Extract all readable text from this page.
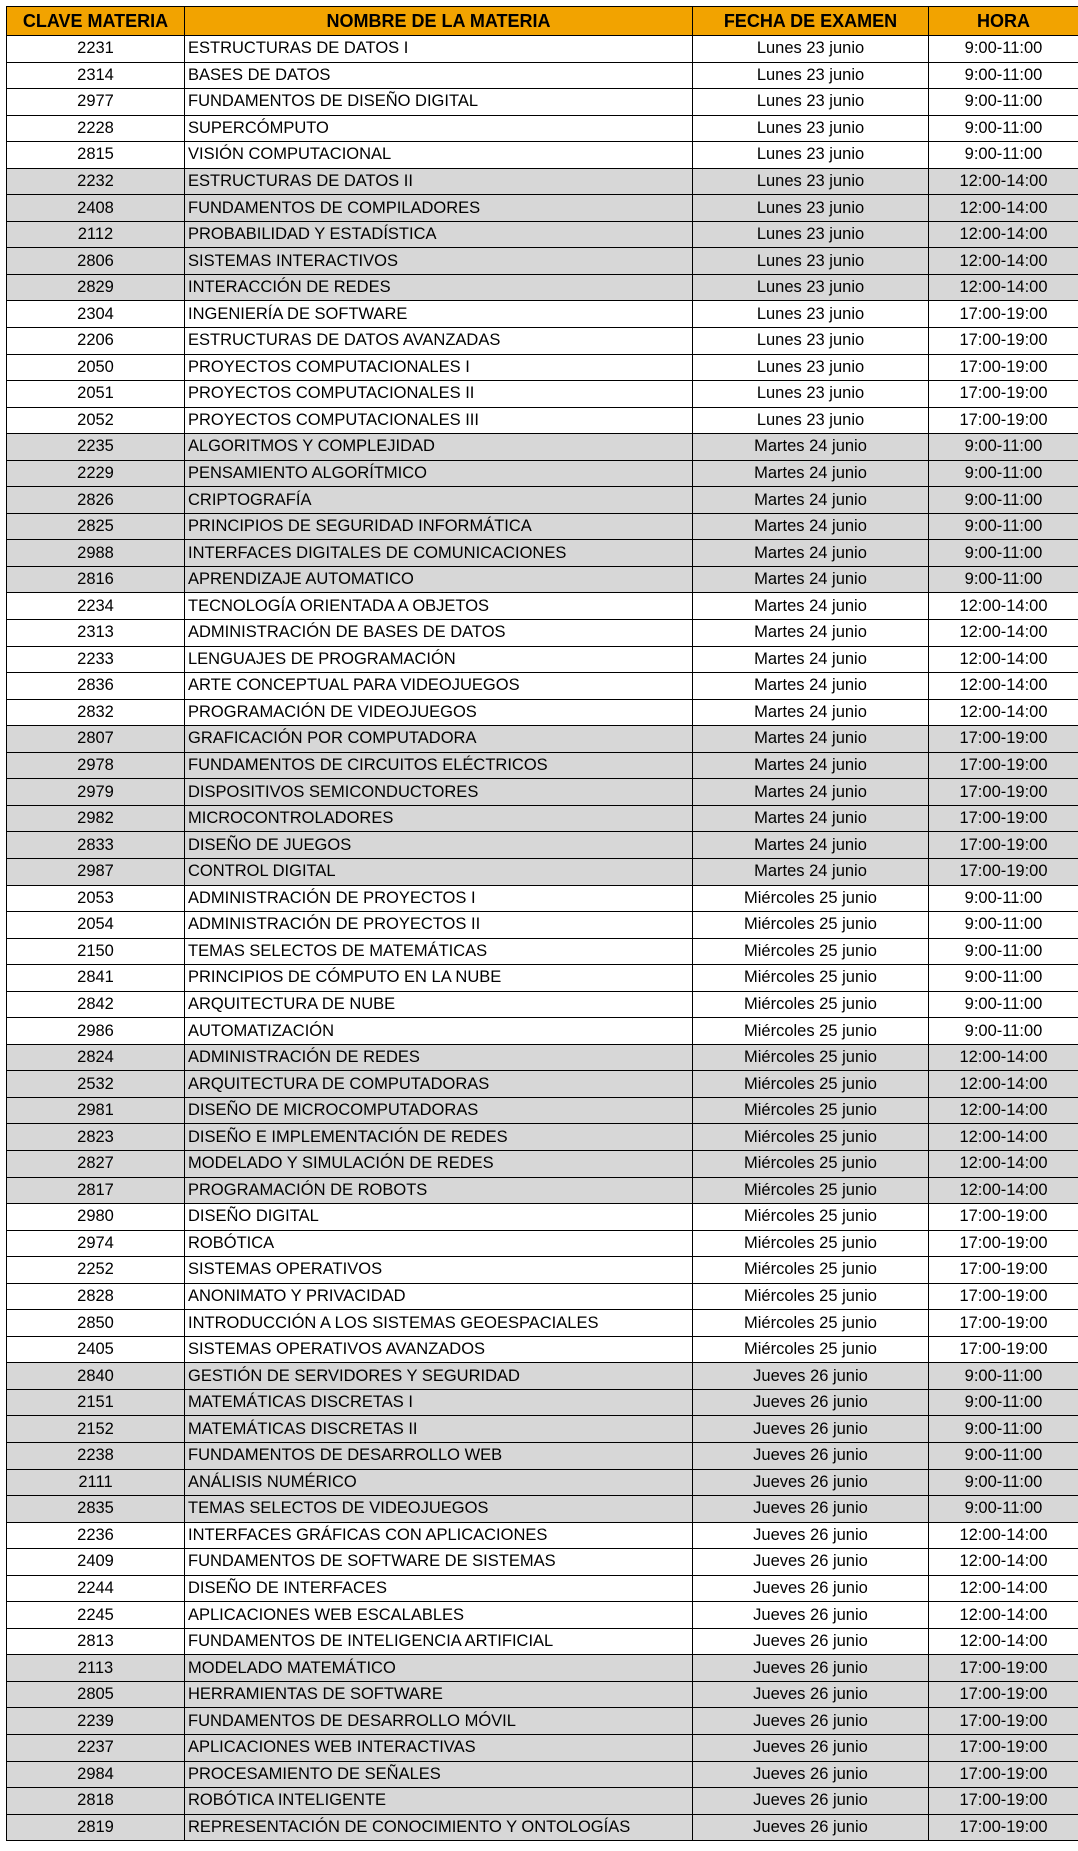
CLAVE MATERIA	NOMBRE DE LA MATERIA	FECHA DE EXAMEN	HORA
2231	ESTRUCTURAS DE DATOS I	Lunes 23 junio	9:00-11:00
2314	BASES DE DATOS	Lunes 23 junio	9:00-11:00
2977	FUNDAMENTOS DE DISEÑO DIGITAL	Lunes 23 junio	9:00-11:00
2228	SUPERCÓMPUTO	Lunes 23 junio	9:00-11:00
2815	VISIÓN COMPUTACIONAL	Lunes 23 junio	9:00-11:00
2232	ESTRUCTURAS DE DATOS II	Lunes 23 junio	12:00-14:00
2408	FUNDAMENTOS DE COMPILADORES	Lunes 23 junio	12:00-14:00
2112	PROBABILIDAD Y ESTADÍSTICA	Lunes 23 junio	12:00-14:00
2806	SISTEMAS INTERACTIVOS	Lunes 23 junio	12:00-14:00
2829	INTERACCIÓN DE REDES	Lunes 23 junio	12:00-14:00
2304	INGENIERÍA DE SOFTWARE	Lunes 23 junio	17:00-19:00
2206	ESTRUCTURAS DE DATOS AVANZADAS	Lunes 23 junio	17:00-19:00
2050	PROYECTOS COMPUTACIONALES I	Lunes 23 junio	17:00-19:00
2051	PROYECTOS COMPUTACIONALES II	Lunes 23 junio	17:00-19:00
2052	PROYECTOS COMPUTACIONALES III	Lunes 23 junio	17:00-19:00
2235	ALGORITMOS Y COMPLEJIDAD	Martes 24 junio	9:00-11:00
2229	PENSAMIENTO ALGORÍTMICO	Martes 24 junio	9:00-11:00
2826	CRIPTOGRAFÍA	Martes 24 junio	9:00-11:00
2825	PRINCIPIOS DE SEGURIDAD INFORMÁTICA	Martes 24 junio	9:00-11:00
2988	INTERFACES DIGITALES DE COMUNICACIONES	Martes 24 junio	9:00-11:00
2816	APRENDIZAJE AUTOMATICO	Martes 24 junio	9:00-11:00
2234	TECNOLOGÍA ORIENTADA A OBJETOS	Martes 24 junio	12:00-14:00
2313	ADMINISTRACIÓN DE BASES DE DATOS	Martes 24 junio	12:00-14:00
2233	LENGUAJES DE PROGRAMACIÓN	Martes 24 junio	12:00-14:00
2836	ARTE CONCEPTUAL PARA VIDEOJUEGOS	Martes 24 junio	12:00-14:00
2832	PROGRAMACIÓN DE VIDEOJUEGOS	Martes 24 junio	12:00-14:00
2807	GRAFICACIÓN POR COMPUTADORA	Martes 24 junio	17:00-19:00
2978	FUNDAMENTOS DE CIRCUITOS ELÉCTRICOS	Martes 24 junio	17:00-19:00
2979	DISPOSITIVOS SEMICONDUCTORES	Martes 24 junio	17:00-19:00
2982	MICROCONTROLADORES	Martes 24 junio	17:00-19:00
2833	DISEÑO DE JUEGOS	Martes 24 junio	17:00-19:00
2987	CONTROL DIGITAL	Martes 24 junio	17:00-19:00
2053	ADMINISTRACIÓN DE PROYECTOS I	Miércoles 25 junio	9:00-11:00
2054	ADMINISTRACIÓN DE PROYECTOS II	Miércoles 25 junio	9:00-11:00
2150	TEMAS SELECTOS DE MATEMÁTICAS	Miércoles 25 junio	9:00-11:00
2841	PRINCIPIOS DE CÓMPUTO EN LA NUBE	Miércoles 25 junio	9:00-11:00
2842	ARQUITECTURA DE NUBE	Miércoles 25 junio	9:00-11:00
2986	AUTOMATIZACIÓN	Miércoles 25 junio	9:00-11:00
2824	ADMINISTRACIÓN DE REDES	Miércoles 25 junio	12:00-14:00
2532	ARQUITECTURA DE COMPUTADORAS	Miércoles 25 junio	12:00-14:00
2981	DISEÑO DE MICROCOMPUTADORAS	Miércoles 25 junio	12:00-14:00
2823	DISEÑO E IMPLEMENTACIÓN DE REDES	Miércoles 25 junio	12:00-14:00
2827	MODELADO Y SIMULACIÓN DE REDES	Miércoles 25 junio	12:00-14:00
2817	PROGRAMACIÓN DE ROBOTS	Miércoles 25 junio	12:00-14:00
2980	DISEÑO DIGITAL	Miércoles 25 junio	17:00-19:00
2974	ROBÓTICA	Miércoles 25 junio	17:00-19:00
2252	SISTEMAS OPERATIVOS	Miércoles 25 junio	17:00-19:00
2828	ANONIMATO Y PRIVACIDAD	Miércoles 25 junio	17:00-19:00
2850	INTRODUCCIÓN A LOS SISTEMAS GEOESPACIALES	Miércoles 25 junio	17:00-19:00
2405	SISTEMAS OPERATIVOS AVANZADOS	Miércoles 25 junio	17:00-19:00
2840	GESTIÓN DE SERVIDORES Y SEGURIDAD	Jueves 26 junio	9:00-11:00
2151	MATEMÁTICAS DISCRETAS I	Jueves 26 junio	9:00-11:00
2152	MATEMÁTICAS DISCRETAS II	Jueves 26 junio	9:00-11:00
2238	FUNDAMENTOS DE DESARROLLO WEB	Jueves 26 junio	9:00-11:00
2111	ANÁLISIS NUMÉRICO	Jueves 26 junio	9:00-11:00
2835	TEMAS SELECTOS DE VIDEOJUEGOS	Jueves 26 junio	9:00-11:00
2236	INTERFACES GRÁFICAS CON APLICACIONES	Jueves 26 junio	12:00-14:00
2409	FUNDAMENTOS DE SOFTWARE DE SISTEMAS	Jueves 26 junio	12:00-14:00
2244	DISEÑO DE INTERFACES	Jueves 26 junio	12:00-14:00
2245	APLICACIONES WEB ESCALABLES	Jueves 26 junio	12:00-14:00
2813	FUNDAMENTOS DE INTELIGENCIA ARTIFICIAL	Jueves 26 junio	12:00-14:00
2113	MODELADO MATEMÁTICO	Jueves 26 junio	17:00-19:00
2805	HERRAMIENTAS DE SOFTWARE	Jueves 26 junio	17:00-19:00
2239	FUNDAMENTOS DE DESARROLLO MÓVIL	Jueves 26 junio	17:00-19:00
2237	APLICACIONES WEB INTERACTIVAS	Jueves 26 junio	17:00-19:00
2984	PROCESAMIENTO DE SEÑALES	Jueves 26 junio	17:00-19:00
2818	ROBÓTICA INTELIGENTE	Jueves 26 junio	17:00-19:00
2819	REPRESENTACIÓN DE CONOCIMIENTO Y ONTOLOGÍAS	Jueves 26 junio	17:00-19:00
